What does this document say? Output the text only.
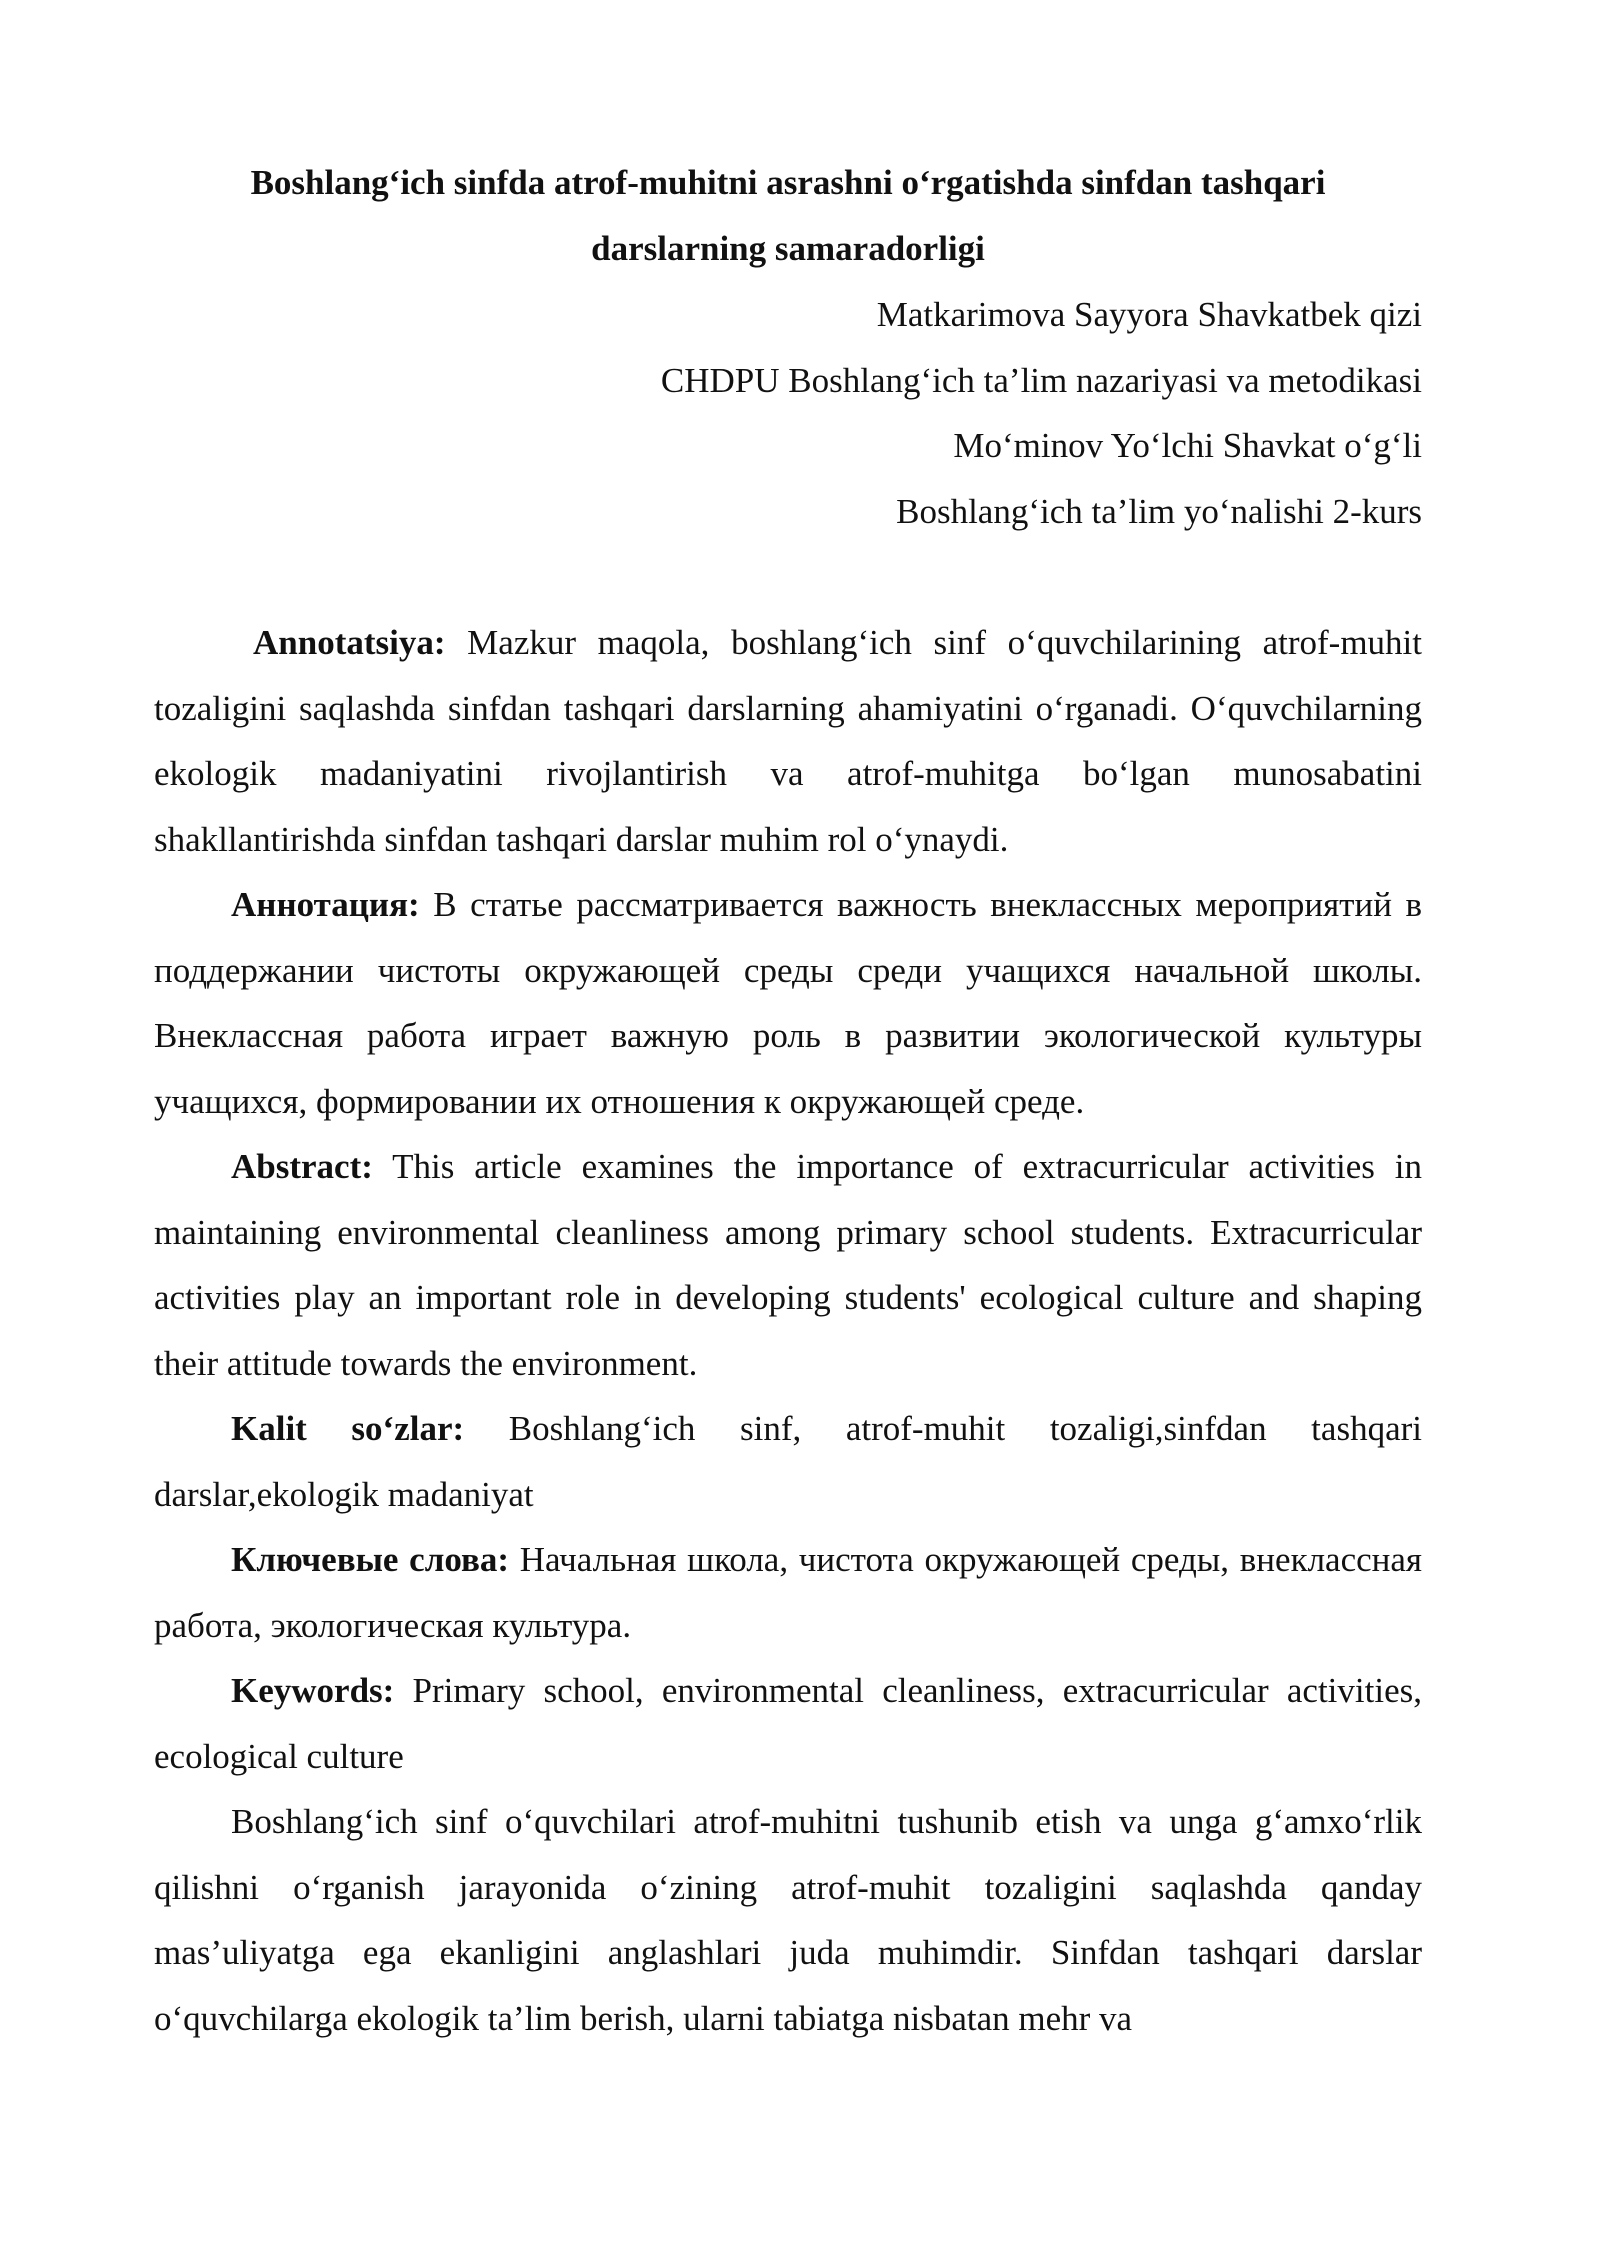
Boshlang‘ich sinfda atrof-muhitni asrashni o‘rgatishda sinfdan tashqari
darslarning samaradorligi
Matkarimova Sayyora Shavkatbek qizi
CHDPU Boshlang‘ich ta’lim nazariyasi va metodikasi
Mo‘minov Yo‘lchi Shavkat o‘g‘li
Boshlang‘ich ta’lim yo‘nalishi 2-kurs

Annotatsiya: Mazkur maqola, boshlang‘ich sinf o‘quvchilarining atrof-muhit tozaligini saqlashda sinfdan tashqari darslarning ahamiyatini o‘rganadi. O‘quvchilarning ekologik madaniyatini rivojlantirish va atrof-muhitga bo‘lgan munosabatini shakllantirishda sinfdan tashqari darslar muhim rol o‘ynaydi.

Аннотация: В статье рассматривается важность внеклассных мероприятий в поддержании чистоты окружающей среды среди учащихся начальной школы. Внеклассная работа играет важную роль в развитии экологической культуры учащихся, формировании их отношения к окружающей среде.

Abstract: This article examines the importance of extracurricular activities in maintaining environmental cleanliness among primary school students. Extracurricular activities play an important role in developing students' ecological culture and shaping their attitude towards the environment.

Kalit so‘zlar: Boshlang‘ich sinf, atrof-muhit tozaligi,sinfdan tashqari darslar,ekologik madaniyat

Ключевые слова: Начальная школа, чистота окружающей среды, внеклассная работа, экологическая культура.

Keywords: Primary school, environmental cleanliness, extracurricular activities, ecological culture

Boshlang‘ich sinf o‘quvchilari atrof-muhitni tushunib etish va unga g‘amxo‘rlik qilishni o‘rganish jarayonida o‘zining atrof-muhit tozaligini saqlashda qanday mas’uliyatga ega ekanligini anglashlari juda muhimdir. Sinfdan tashqari darslar o‘quvchilarga ekologik ta’lim berish, ularni tabiatga nisbatan mehr va
